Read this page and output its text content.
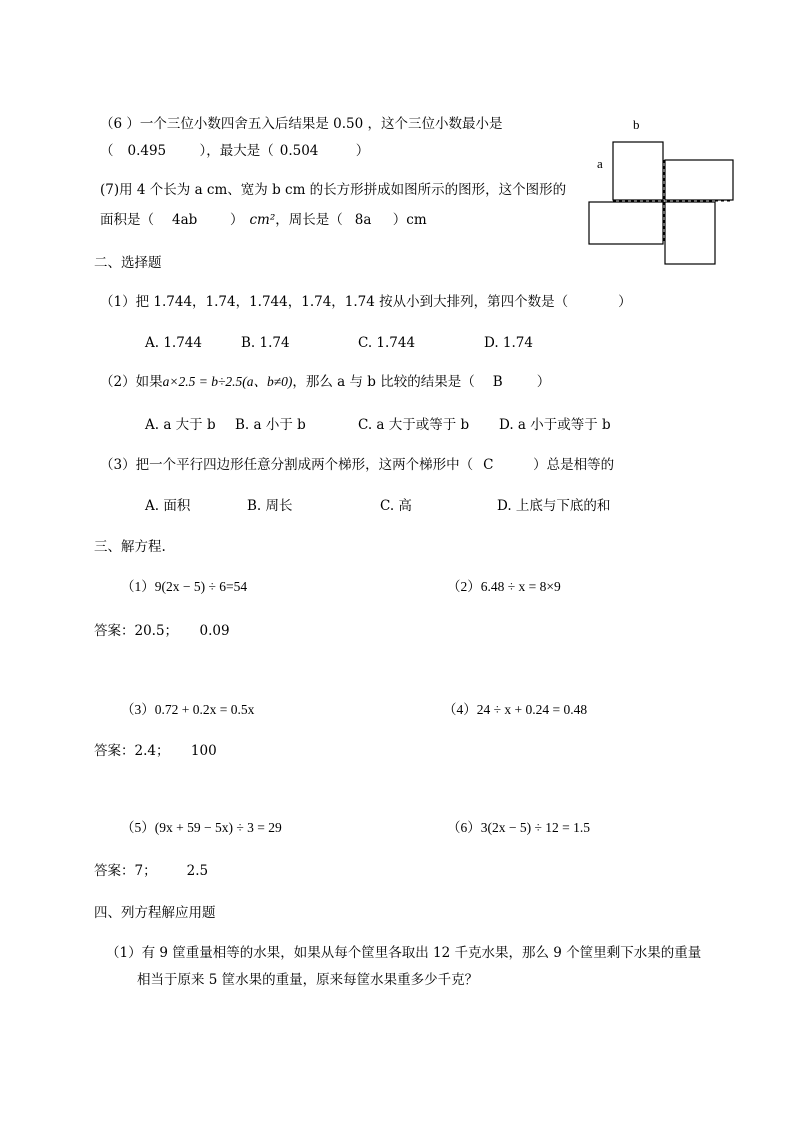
（6 ）一个三位小数四舍五入后结果是 0.50 ，这个三位小数最小是
（ 0.495 ），最大是（ 0.504	）
(7)用 4 个长为 a cm、宽为 b cm 的长方形拼成如图所示的图形，这个图形的
面积是（ 4ab ） cm²，周长是（ 8a ）cm
b
a
二、选择题
（1）把 1.744，1.74，1.744，1.74，1.74 按从小到大排列，第四个数是（	）
A. 1.744	B. 1.74	C. 1.744	D. 1.74
（2）如果a×2.5 = b÷2.5(a、b≠0)，那么 a 与 b 比较的结果是（ B	）
A. a 大于 b B. a 小于 b	C. a 大于或等于 b D. a 小于或等于 b
（3）把一个平行四边形任意分割成两个梯形，这两个梯形中（ C	）总是相等的
A. 面积	B. 周长	C. 高	D. 上底与下底的和
三、解方程.
（1）9(2x − 5) ÷ 6=54	（2）6.48 ÷ x = 8×9
答案：20.5；     0.09
（3）0.72 + 0.2x = 0.5x	（4）24 ÷ x + 0.24 = 0.48
答案：2.4；     100
（5）(9x + 59 − 5x) ÷ 3 = 29	（6）3(2x − 5) ÷ 12 = 1.5
答案：7；       2.5
四、列方程解应用题
（1）有 9 筐重量相等的水果，如果从每个筐里各取出 12 千克水果，那么 9 个筐里剩下水果的重量
相当于原来 5 筐水果的重量，原来每筐水果重多少千克？
